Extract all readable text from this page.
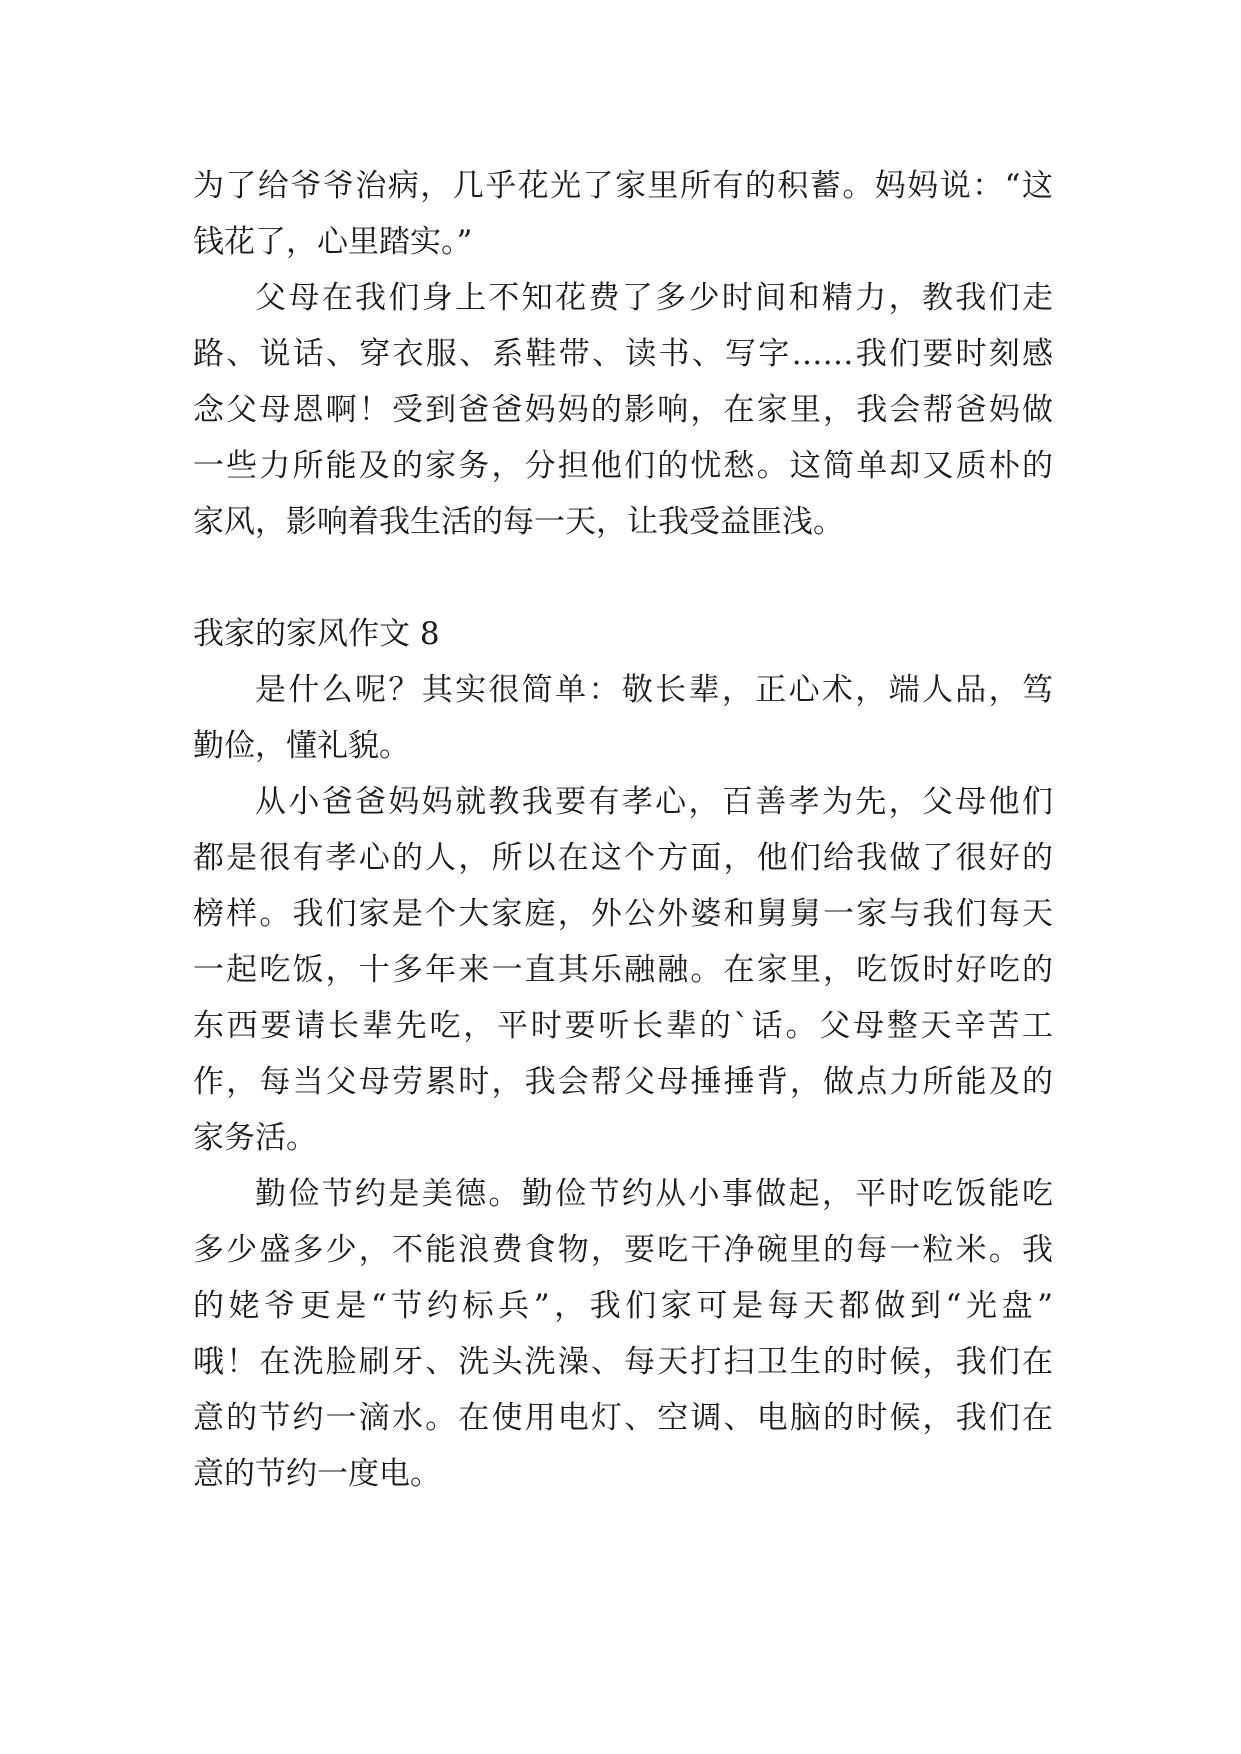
为了给爷爷治病，几乎花光了家里所有的积蓄。妈妈说：“这
钱花了，心里踏实。”
父母在我们身上不知花费了多少时间和精力，教我们走
路、说话、穿衣服、系鞋带、读书、写字……我们要时刻感
念父母恩啊！受到爸爸妈妈的影响，在家里，我会帮爸妈做
一些力所能及的家务，分担他们的忧愁。这简单却又质朴的
家风，影响着我生活的每一天，让我受益匪浅。
我家的家风作文 8
是什么呢？其实很简单：敬长辈，正心术，端人品，笃
勤俭，懂礼貌。
从小爸爸妈妈就教我要有孝心，百善孝为先，父母他们
都是很有孝心的人，所以在这个方面，他们给我做了很好的
榜样。我们家是个大家庭，外公外婆和舅舅一家与我们每天
一起吃饭，十多年来一直其乐融融。在家里，吃饭时好吃的
东西要请长辈先吃，平时要听长辈的`话。父母整天辛苦工
作，每当父母劳累时，我会帮父母捶捶背，做点力所能及的
家务活。
勤俭节约是美德。勤俭节约从小事做起，平时吃饭能吃
多少盛多少，不能浪费食物，要吃干净碗里的每一粒米。我
的姥爷更是“节约标兵”，我们家可是每天都做到“光盘”
哦！在洗脸刷牙、洗头洗澡、每天打扫卫生的时候，我们在
意的节约一滴水。在使用电灯、空调、电脑的时候，我们在
意的节约一度电。
